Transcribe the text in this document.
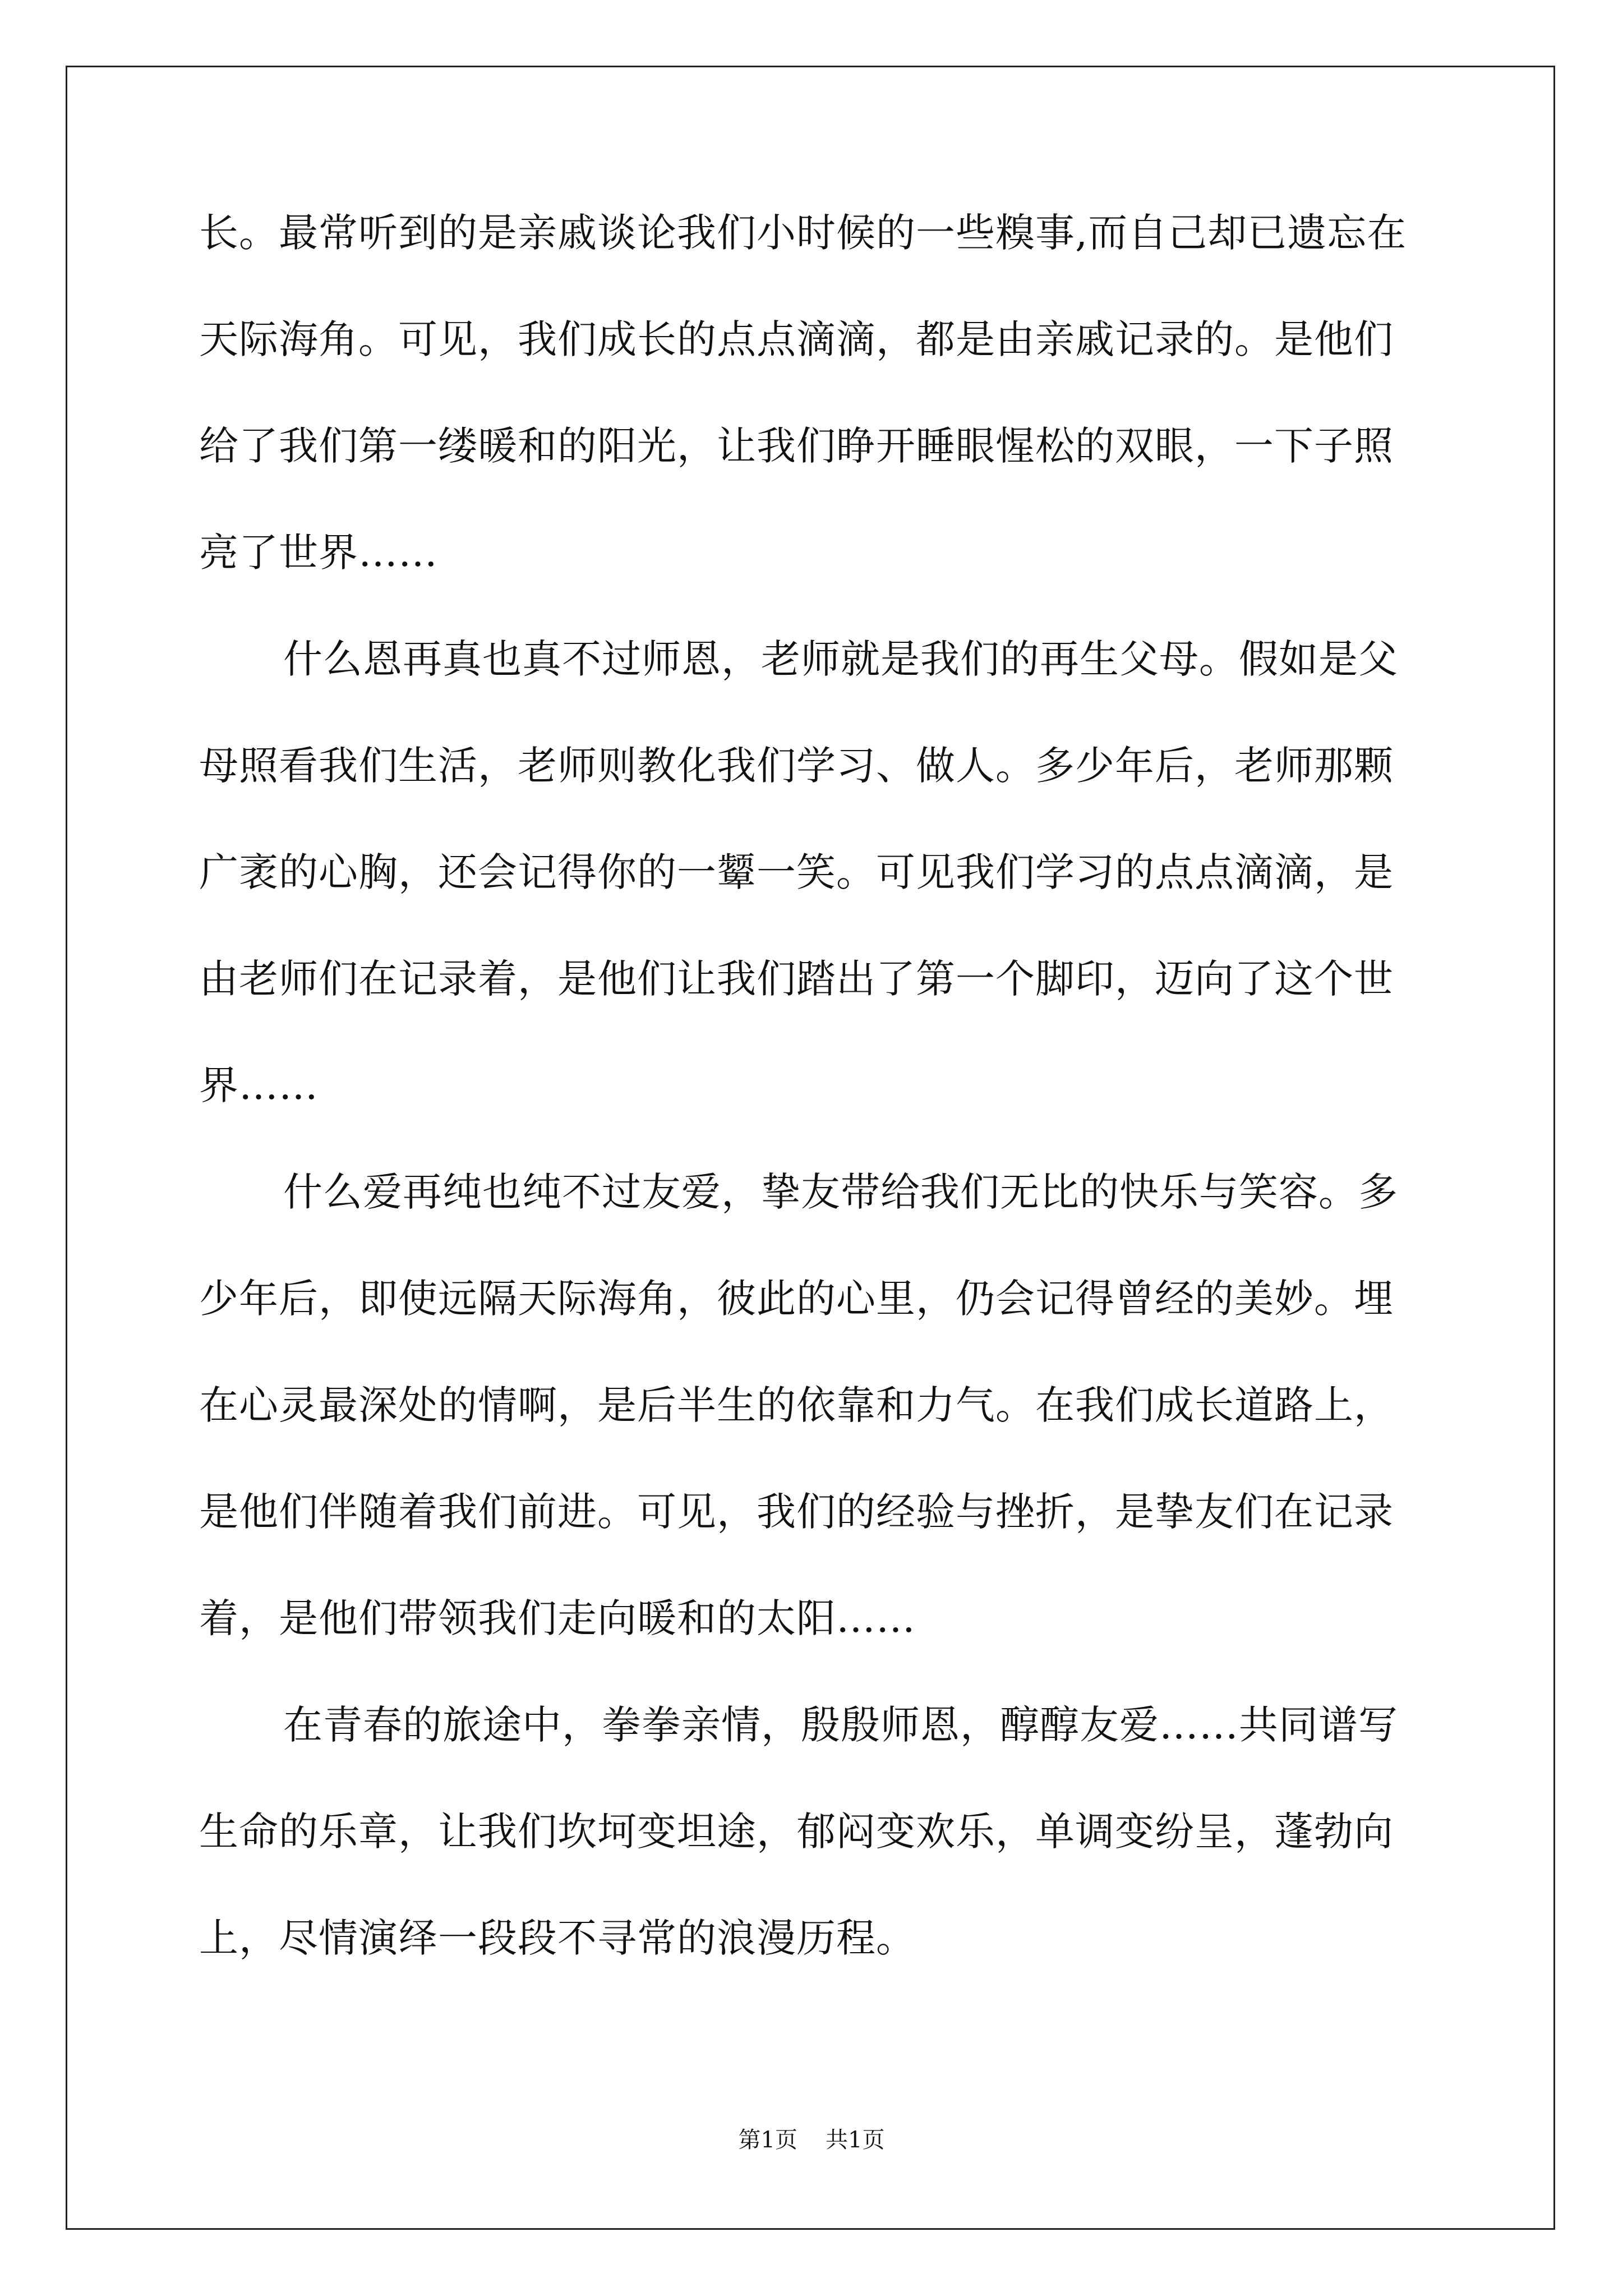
长。最常听到的是亲戚谈论我们小时候的一些糗事,而自己却已遗忘在
天际海角。可见，我们成长的点点滴滴，都是由亲戚记录的。是他们
给了我们第一缕暖和的阳光，让我们睁开睡眼惺松的双眼，一下子照
亮了世界……
什么恩再真也真不过师恩，老师就是我们的再生父母。假如是父
母照看我们生活，老师则教化我们学习、做人。多少年后，老师那颗
广袤的心胸，还会记得你的一颦一笑。可见我们学习的点点滴滴，是
由老师们在记录着，是他们让我们踏出了第一个脚印，迈向了这个世
界……
什么爱再纯也纯不过友爱，挚友带给我们无比的快乐与笑容。多
少年后，即使远隔天际海角，彼此的心里，仍会记得曾经的美妙。埋
在心灵最深处的情啊，是后半生的依靠和力气。在我们成长道路上，
是他们伴随着我们前进。可见，我们的经验与挫折，是挚友们在记录
着，是他们带领我们走向暖和的太阳……
在青春的旅途中，拳拳亲情，殷殷师恩，醇醇友爱……共同谱写
生命的乐章，让我们坎坷变坦途，郁闷变欢乐，单调变纷呈，蓬勃向
上，尽情演绎一段段不寻常的浪漫历程。
第1页 共1页
